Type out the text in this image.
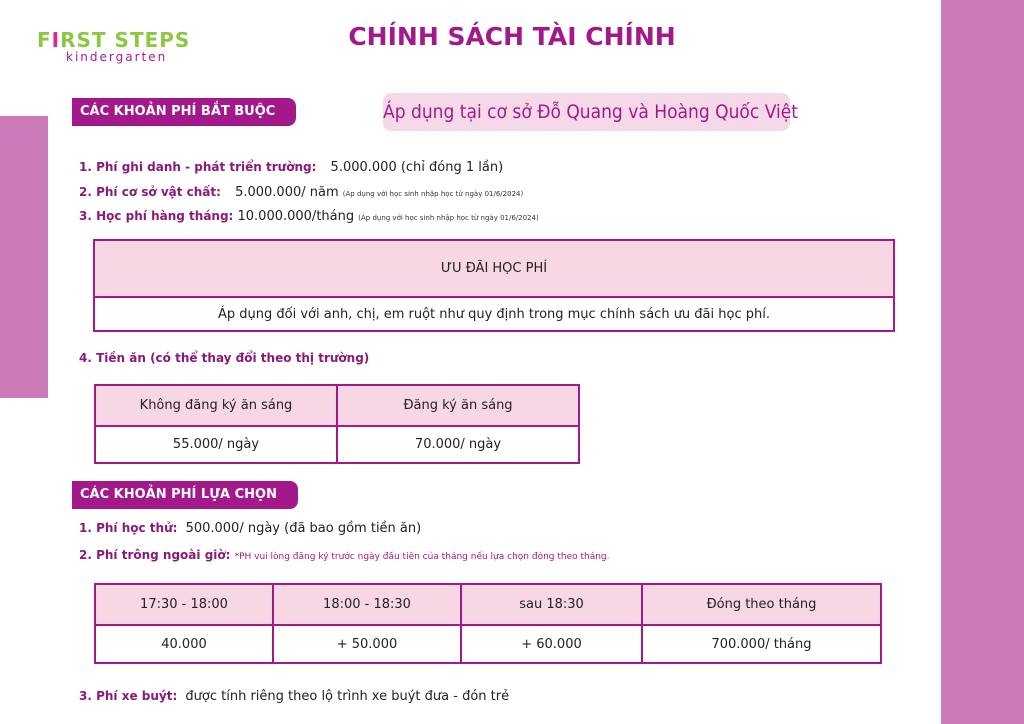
FIRST STEPS
kindergarten
CHÍNH SÁCH TÀI CHÍNH
CÁC KHOẢN PHÍ BẮT BUỘC	Áp dụng tại cơ sở Đỗ Quang và Hoàng Quốc Việt
1. Phí ghi danh - phát triển trường: 5.000.000 (chỉ đóng 1 lần)
2. Phí cơ sở vật chất: 5.000.000/ năm (Áp dụng với học sinh nhập học từ ngày 01/6/2024)
3. Học phí hàng tháng: 10.000.000/tháng (Áp dụng với học sinh nhập học từ ngày 01/6/2024)
ƯU ĐÃI HỌC PHÍ
Áp dụng đối với anh, chị, em ruột như quy định trong mục chính sách ưu đãi học phí.
4. Tiền ăn (có thể thay đổi theo thị trường)
Không đăng ký ăn sáng	Đăng ký ăn sáng
55.000/ ngày	70.000/ ngày
CÁC KHOẢN PHÍ LỰA CHỌN
1. Phí học thử: 500.000/ ngày (đã bao gồm tiền ăn)
2. Phí trông ngoài giờ: *PH vui lòng đăng ký trước ngày đầu tiên của tháng nếu lựa chọn đóng theo tháng.
17:30 - 18:00	18:00 - 18:30	sau 18:30	Đóng theo tháng
40.000	+ 50.000	+ 60.000	700.000/ tháng
3. Phí xe buýt: được tính riêng theo lộ trình xe buýt đưa - đón trẻ
